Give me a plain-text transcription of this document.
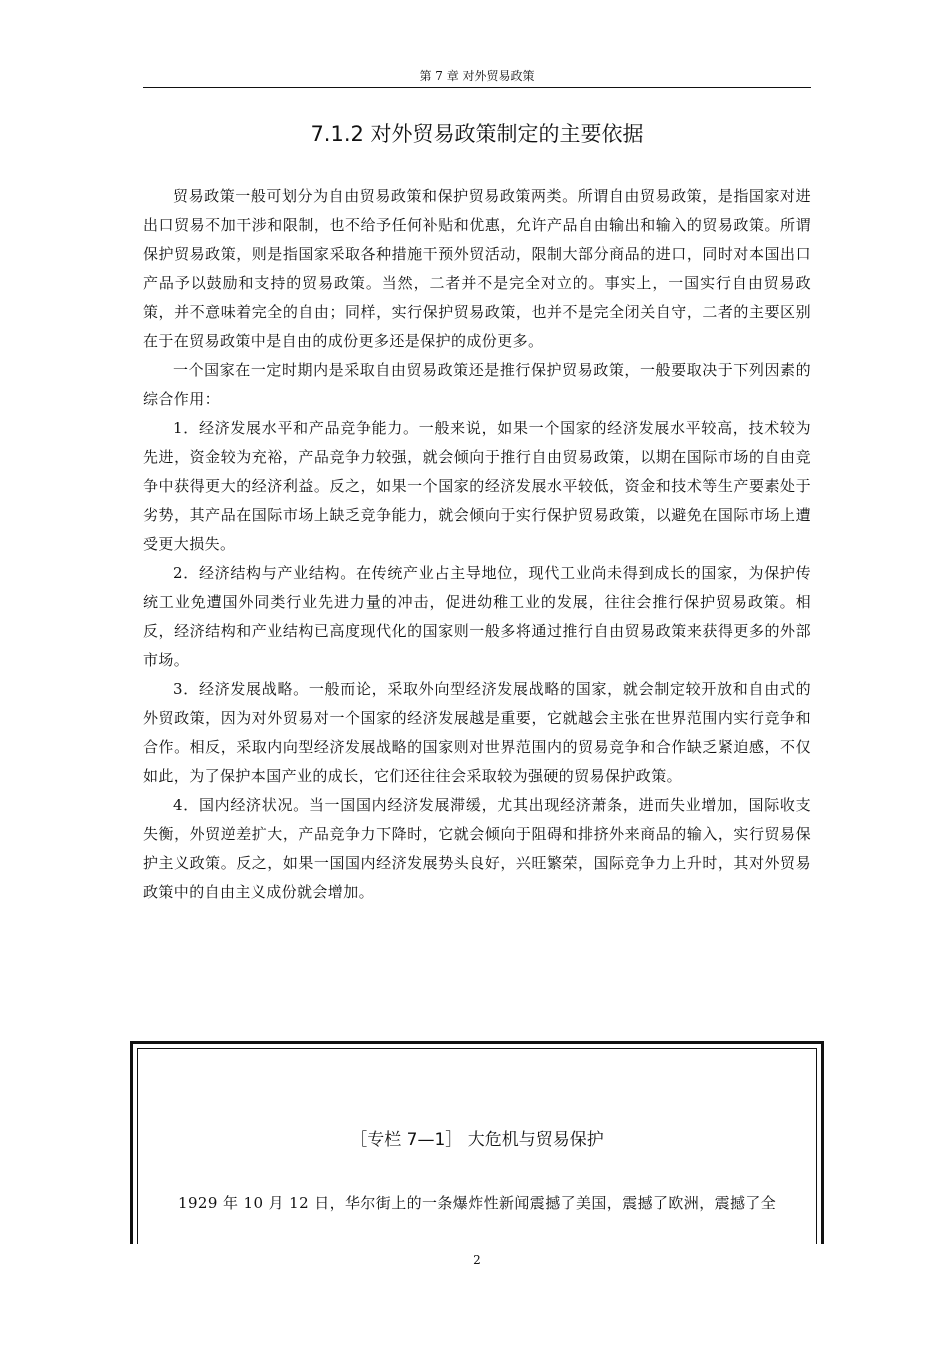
第 7 章 对外贸易政策
7.1.2 对外贸易政策制定的主要依据

贸易政策一般可划分为自由贸易政策和保护贸易政策两类。所谓自由贸易政策，是指国家对进出口贸易不加干涉和限制，也不给予任何补贴和优惠，允许产品自由输出和输入的贸易政策。所谓保护贸易政策，则是指国家采取各种措施干预外贸活动，限制大部分商品的进口，同时对本国出口产品予以鼓励和支持的贸易政策。当然，二者并不是完全对立的。事实上，一国实行自由贸易政策，并不意味着完全的自由；同样，实行保护贸易政策，也并不是完全闭关自守，二者的主要区别在于在贸易政策中是自由的成份更多还是保护的成份更多。

一个国家在一定时期内是采取自由贸易政策还是推行保护贸易政策，一般要取决于下列因素的综合作用：

1．经济发展水平和产品竞争能力。一般来说，如果一个国家的经济发展水平较高，技术较为先进，资金较为充裕，产品竞争力较强，就会倾向于推行自由贸易政策，以期在国际市场的自由竞争中获得更大的经济利益。反之，如果一个国家的经济发展水平较低，资金和技术等生产要素处于劣势，其产品在国际市场上缺乏竞争能力，就会倾向于实行保护贸易政策，以避免在国际市场上遭受更大损失。

2．经济结构与产业结构。在传统产业占主导地位，现代工业尚未得到成长的国家，为保护传统工业免遭国外同类行业先进力量的冲击，促进幼稚工业的发展，往往会推行保护贸易政策。相反，经济结构和产业结构已高度现代化的国家则一般多将通过推行自由贸易政策来获得更多的外部市场。

3．经济发展战略。一般而论，采取外向型经济发展战略的国家，就会制定较开放和自由式的外贸政策，因为对外贸易对一个国家的经济发展越是重要，它就越会主张在世界范围内实行竞争和合作。相反，采取内向型经济发展战略的国家则对世界范围内的贸易竞争和合作缺乏紧迫感，不仅如此，为了保护本国产业的成长，它们还往往会采取较为强硬的贸易保护政策。

4．国内经济状况。当一国国内经济发展滞缓，尤其出现经济萧条，进而失业增加，国际收支失衡，外贸逆差扩大，产品竞争力下降时，它就会倾向于阻碍和排挤外来商品的输入，实行贸易保护主义政策。反之，如果一国国内经济发展势头良好，兴旺繁荣，国际竞争力上升时，其对外贸易政策中的自由主义成份就会增加。

［专栏 7—1］ 大危机与贸易保护
1929 年 10 月 12 日，华尔街上的一条爆炸性新闻震撼了美国，震撼了欧洲，震撼了全
2
